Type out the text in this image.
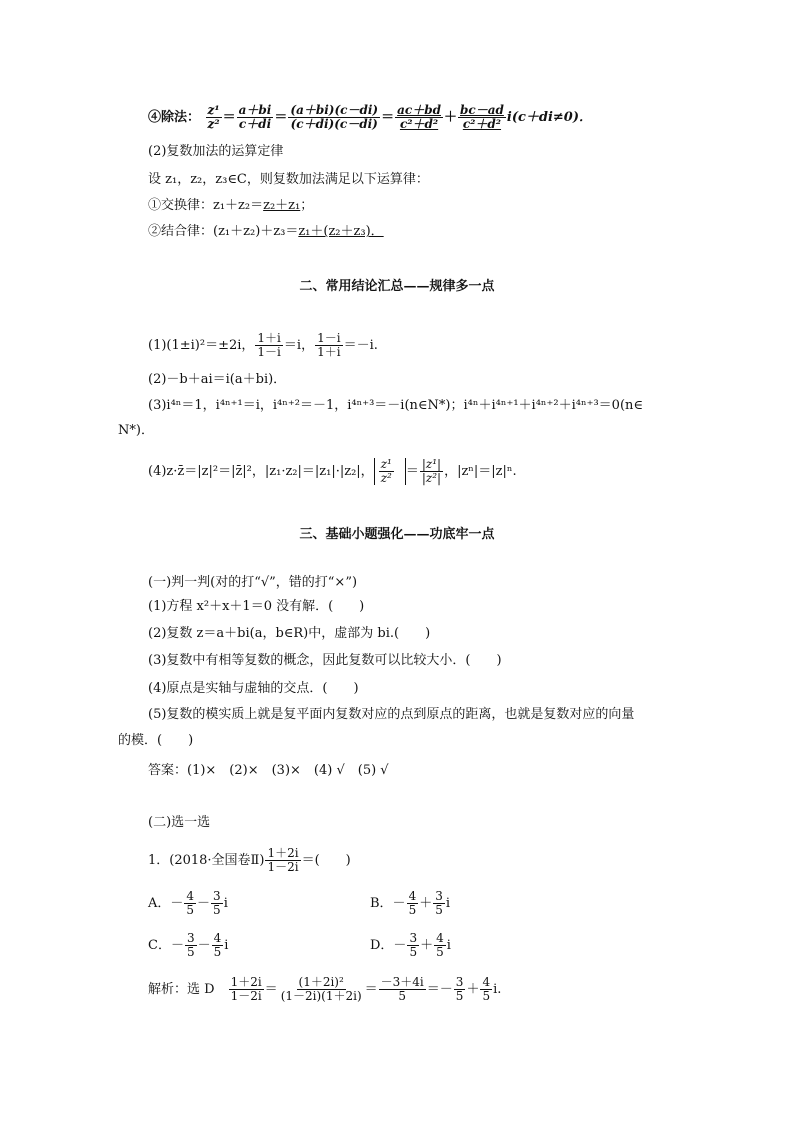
④除法： $\frac{\text{z¹}}{\text{z²}} = \frac{a+bi}{c+di} = \frac{(a+bi)(c-di)}{(c+di)(c-di)} = \frac{ac+bd}{\text{c²＋d²}} + \frac{bc-ad}{\text{c²＋d²}} i(c+di\ne 0)$．
(2)复数加法的运算定律
设 z₁，z₂，z₃∈C，则复数加法满足以下运算律：
①交换律：z₁＋z₂＝z₂＋z₁；
②结合律：(z₁＋z₂)＋z₃＝z₁＋(z₂＋z₃)．
二、常用结论汇总——规律多一点
(1)(1±i)²＝±2i， $\frac{1+i}{1-i} =i$， $\frac{1-i}{1+i} =-i$.
(2)－b＋ai＝i(a＋bi)．
(3)i⁴ⁿ＝1，i⁴ⁿ⁺¹＝i，i⁴ⁿ⁺²＝－1，i⁴ⁿ⁺³＝－i(n∈N*)；i⁴ⁿ＋i⁴ⁿ⁺¹＋i⁴ⁿ⁺²＋i⁴ⁿ⁺³＝0(n∈
N*)．
(4)z·z̄＝|z|²＝|z̄|²，|z₁·z₂|＝|z₁|·|z₂|， $\frac{\text{z¹}}{\text{z²}} = \frac{\text{|z¹|}}{\text{|z²|}}$ ，|zⁿ|＝|z|ⁿ.
三、基础小题强化——功底牢一点
(一)判一判(对的打“√”，错的打“×”)
(1)方程 x²＋x＋1＝0 没有解．(　　)
(2)复数 z＝a＋bi(a，b∈R)中，虚部为 bi.(　　)
(3)复数中有相等复数的概念，因此复数可以比较大小．(　　)
(4)原点是实轴与虚轴的交点．(　　)
(5)复数的模实质上就是复平面内复数对应的点到原点的距离，也就是复数对应的向量
的模．(　　)
答案：(1)×　(2)×　(3)×　(4) √　(5) √
(二)选一选
1．(2018·全国卷Ⅱ) $\frac{1+2i}{1-2i}$ ＝(　　)
A．－ $\frac{4}{5} - \frac{3}{5}$ i	B．－ $\frac{4}{5} + \frac{3}{5}$ i
C．－ $\frac{3}{5} - \frac{4}{5}$ i	D．－ $\frac{3}{5} + \frac{4}{5}$ i
解析：选 D　 $\frac{1+2i}{1-2i} = \frac{\text{(1＋2i)²}}{(1-2i)(1+2i)} = \frac{-3+4i}{5} =- \frac{3}{5} + \frac{4}{5} i$.
